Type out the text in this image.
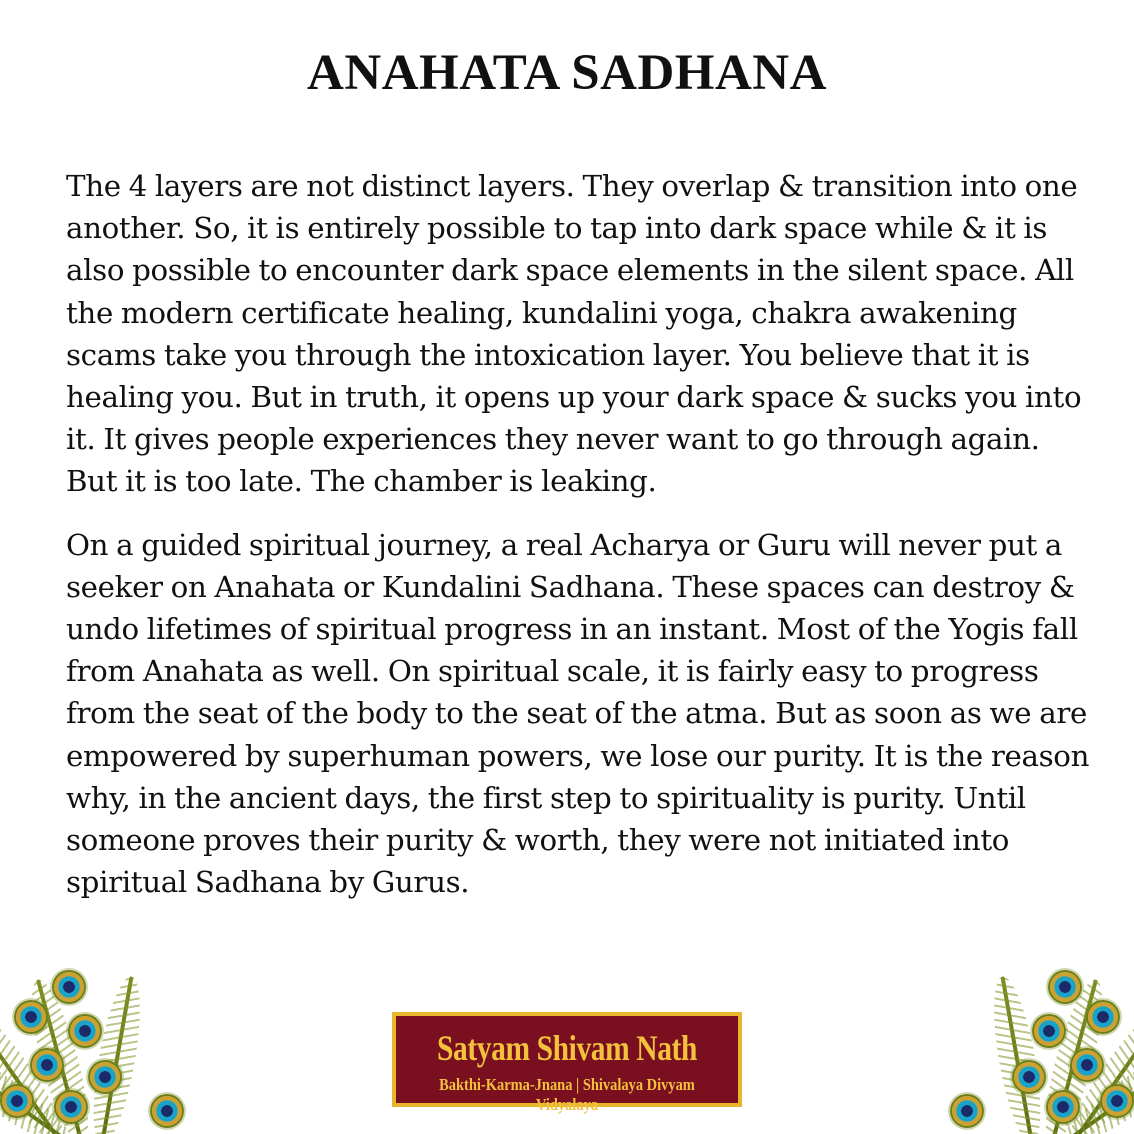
ANAHATA SADHANA

The 4 layers are not distinct layers. They overlap & transition into one another. So, it is entirely possible to tap into dark space while & it is also possible to encounter dark space elements in the silent space. All the modern certificate healing, kundalini yoga, chakra awakening scams take you through the intoxication layer. You believe that it is healing you. But in truth, it opens up your dark space & sucks you into it. It gives people experiences they never want to go through again. But it is too late. The chamber is leaking.

On a guided spiritual journey, a real Acharya or Guru will never put a seeker on Anahata or Kundalini Sadhana. These spaces can destroy & undo lifetimes of spiritual progress in an instant. Most of the Yogis fall from Anahata as well. On spiritual scale, it is fairly easy to progress from the seat of the body to the seat of the atma. But as soon as we are empowered by superhuman powers, we lose our purity. It is the reason why, in the ancient days, the first step to spirituality is purity. Until someone proves their purity & worth, they were not initiated into spiritual Sadhana by Gurus.

Satyam Shivam Nath
Bakthi-Karma-Jnana | Shivalaya Divyam Vidyalaya
